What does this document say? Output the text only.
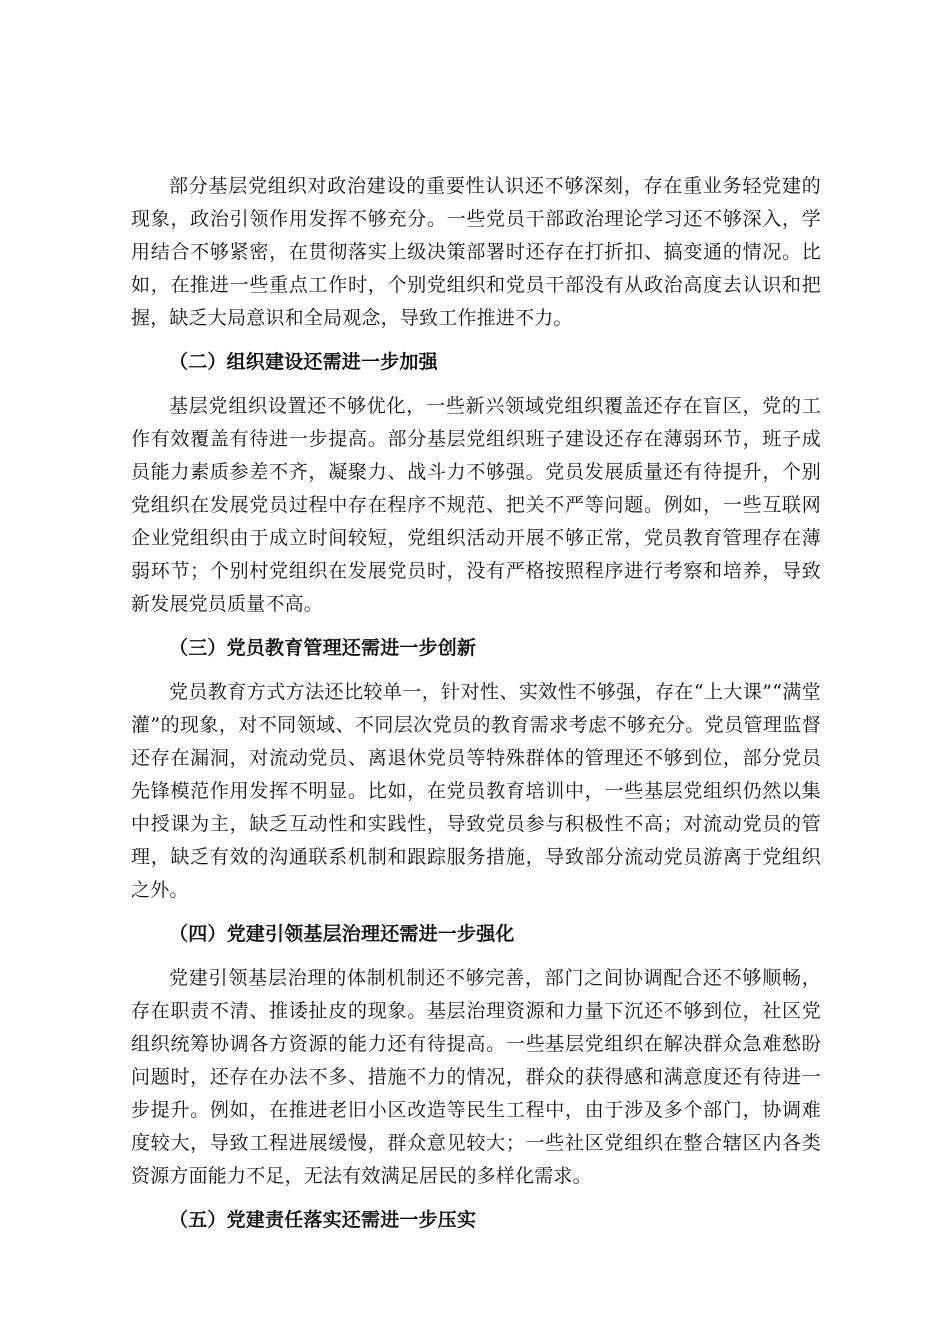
部分基层党组织对政治建设的重要性认识还不够深刻，存在重业务轻党建的现象，政治引领作用发挥不够充分。一些党员干部政治理论学习还不够深入，学用结合不够紧密，在贯彻落实上级决策部署时还存在打折扣、搞变通的情况。比如，在推进一些重点工作时，个别党组织和党员干部没有从政治高度去认识和把握，缺乏大局意识和全局观念，导致工作推进不力。

（二）组织建设还需进一步加强

基层党组织设置还不够优化，一些新兴领域党组织覆盖还存在盲区，党的工作有效覆盖有待进一步提高。部分基层党组织班子建设还存在薄弱环节，班子成员能力素质参差不齐，凝聚力、战斗力不够强。党员发展质量还有待提升，个别党组织在发展党员过程中存在程序不规范、把关不严等问题。例如，一些互联网企业党组织由于成立时间较短，党组织活动开展不够正常，党员教育管理存在薄弱环节；个别村党组织在发展党员时，没有严格按照程序进行考察和培养，导致新发展党员质量不高。

（三）党员教育管理还需进一步创新

党员教育方式方法还比较单一，针对性、实效性不够强，存在“上大课”“满堂灌”的现象，对不同领域、不同层次党员的教育需求考虑不够充分。党员管理监督还存在漏洞，对流动党员、离退休党员等特殊群体的管理还不够到位，部分党员先锋模范作用发挥不明显。比如，在党员教育培训中，一些基层党组织仍然以集中授课为主，缺乏互动性和实践性，导致党员参与积极性不高；对流动党员的管理，缺乏有效的沟通联系机制和跟踪服务措施，导致部分流动党员游离于党组织之外。

（四）党建引领基层治理还需进一步强化

党建引领基层治理的体制机制还不够完善，部门之间协调配合还不够顺畅，存在职责不清、推诿扯皮的现象。基层治理资源和力量下沉还不够到位，社区党组织统筹协调各方资源的能力还有待提高。一些基层党组织在解决群众急难愁盼问题时，还存在办法不多、措施不力的情况，群众的获得感和满意度还有待进一步提升。例如，在推进老旧小区改造等民生工程中，由于涉及多个部门，协调难度较大，导致工程进展缓慢，群众意见较大；一些社区党组织在整合辖区内各类资源方面能力不足，无法有效满足居民的多样化需求。

（五）党建责任落实还需进一步压实
